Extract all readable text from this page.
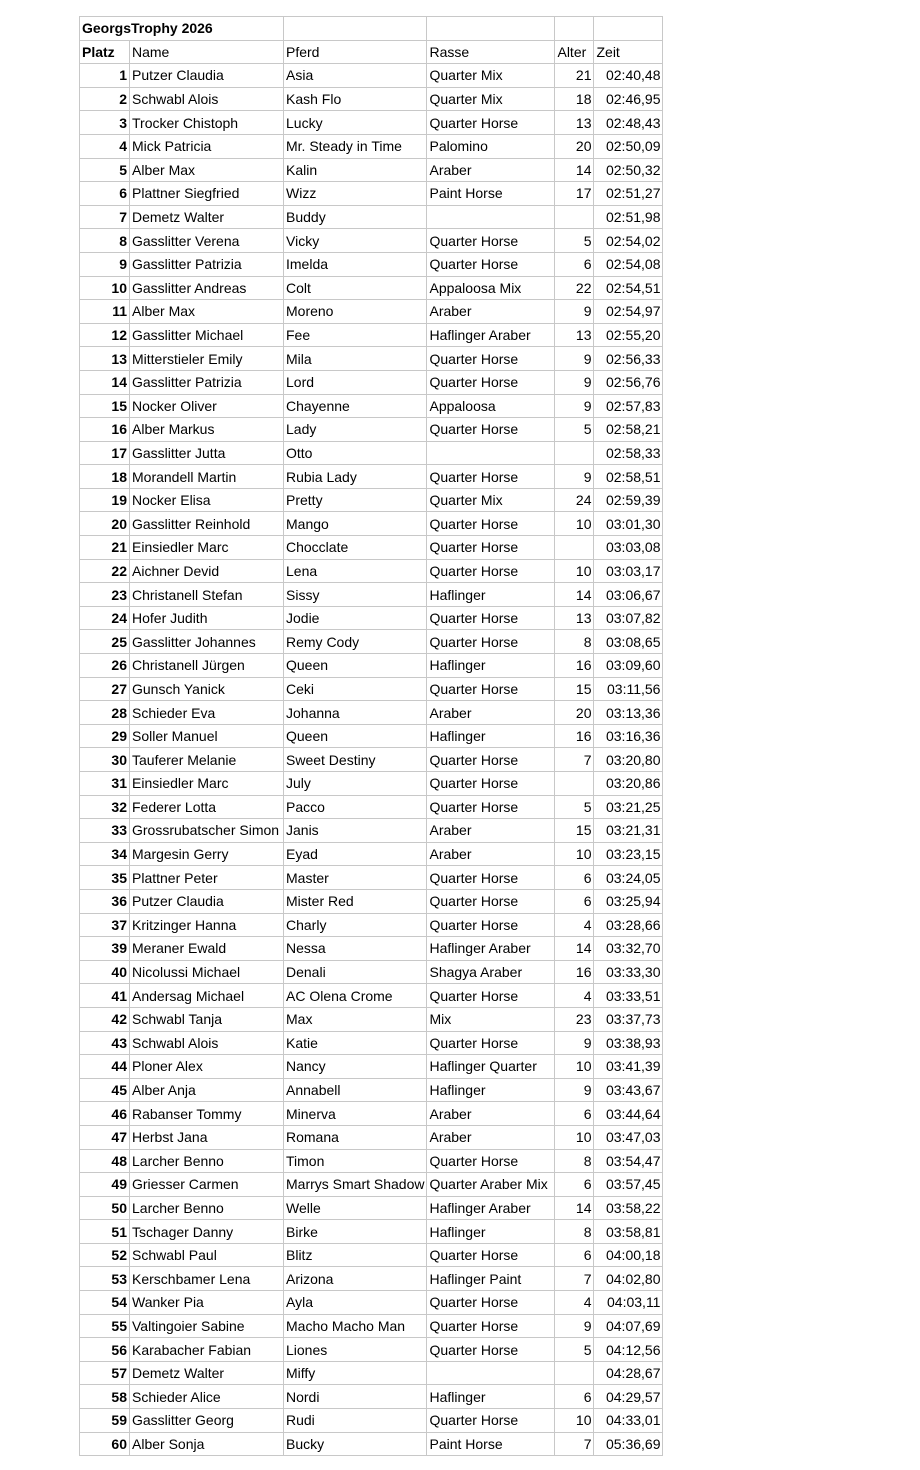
GeorgsTrophy 2026					
Platz	Name	Pferd	Rasse	Alter	Zeit
1	Putzer Claudia	Asia	Quarter Mix	21	02:40,48
2	Schwabl Alois	Kash Flo	Quarter Mix	18	02:46,95
3	Trocker Chistoph	Lucky	Quarter Horse	13	02:48,43
4	Mick Patricia	Mr. Steady in Time	Palomino	20	02:50,09
5	Alber Max	Kalin	Araber	14	02:50,32
6	Plattner Siegfried	Wizz	Paint Horse	17	02:51,27
7	Demetz Walter	Buddy			02:51,98
8	Gasslitter Verena	Vicky	Quarter Horse	5	02:54,02
9	Gasslitter Patrizia	Imelda	Quarter Horse	6	02:54,08
10	Gasslitter Andreas	Colt	Appaloosa Mix	22	02:54,51
11	Alber Max	Moreno	Araber	9	02:54,97
12	Gasslitter Michael	Fee	Haflinger Araber	13	02:55,20
13	Mitterstieler Emily	Mila	Quarter Horse	9	02:56,33
14	Gasslitter Patrizia	Lord	Quarter Horse	9	02:56,76
15	Nocker Oliver	Chayenne	Appaloosa	9	02:57,83
16	Alber Markus	Lady	Quarter Horse	5	02:58,21
17	Gasslitter Jutta	Otto			02:58,33
18	Morandell Martin	Rubia Lady	Quarter Horse	9	02:58,51
19	Nocker Elisa	Pretty	Quarter Mix	24	02:59,39
20	Gasslitter Reinhold	Mango	Quarter Horse	10	03:01,30
21	Einsiedler Marc	Chocclate	Quarter Horse		03:03,08
22	Aichner Devid	Lena	Quarter Horse	10	03:03,17
23	Christanell Stefan	Sissy	Haflinger	14	03:06,67
24	Hofer Judith	Jodie	Quarter Horse	13	03:07,82
25	Gasslitter Johannes	Remy Cody	Quarter Horse	8	03:08,65
26	Christanell Jürgen	Queen	Haflinger	16	03:09,60
27	Gunsch Yanick	Ceki	Quarter Horse	15	03:11,56
28	Schieder Eva	Johanna	Araber	20	03:13,36
29	Soller Manuel	Queen	Haflinger	16	03:16,36
30	Tauferer Melanie	Sweet Destiny	Quarter Horse	7	03:20,80
31	Einsiedler Marc	July	Quarter Horse		03:20,86
32	Federer Lotta	Pacco	Quarter Horse	5	03:21,25
33	Grossrubatscher Simon	Janis	Araber	15	03:21,31
34	Margesin Gerry	Eyad	Araber	10	03:23,15
35	Plattner Peter	Master	Quarter Horse	6	03:24,05
36	Putzer Claudia	Mister Red	Quarter Horse	6	03:25,94
37	Kritzinger Hanna	Charly	Quarter Horse	4	03:28,66
39	Meraner Ewald	Nessa	Haflinger Araber	14	03:32,70
40	Nicolussi Michael	Denali	Shagya Araber	16	03:33,30
41	Andersag Michael	AC Olena Crome	Quarter Horse	4	03:33,51
42	Schwabl Tanja	Max	Mix	23	03:37,73
43	Schwabl Alois	Katie	Quarter Horse	9	03:38,93
44	Ploner Alex	Nancy	Haflinger Quarter	10	03:41,39
45	Alber Anja	Annabell	Haflinger	9	03:43,67
46	Rabanser Tommy	Minerva	Araber	6	03:44,64
47	Herbst Jana	Romana	Araber	10	03:47,03
48	Larcher Benno	Timon	Quarter Horse	8	03:54,47
49	Griesser Carmen	Marrys Smart Shadow	Quarter Araber Mix	6	03:57,45
50	Larcher Benno	Welle	Haflinger Araber	14	03:58,22
51	Tschager Danny	Birke	Haflinger	8	03:58,81
52	Schwabl Paul	Blitz	Quarter Horse	6	04:00,18
53	Kerschbamer Lena	Arizona	Haflinger Paint	7	04:02,80
54	Wanker Pia	Ayla	Quarter Horse	4	04:03,11
55	Valtingoier Sabine	Macho Macho Man	Quarter Horse	9	04:07,69
56	Karabacher Fabian	Liones	Quarter Horse	5	04:12,56
57	Demetz Walter	Miffy			04:28,67
58	Schieder Alice	Nordi	Haflinger	6	04:29,57
59	Gasslitter Georg	Rudi	Quarter Horse	10	04:33,01
60	Alber Sonja	Bucky	Paint Horse	7	05:36,69
